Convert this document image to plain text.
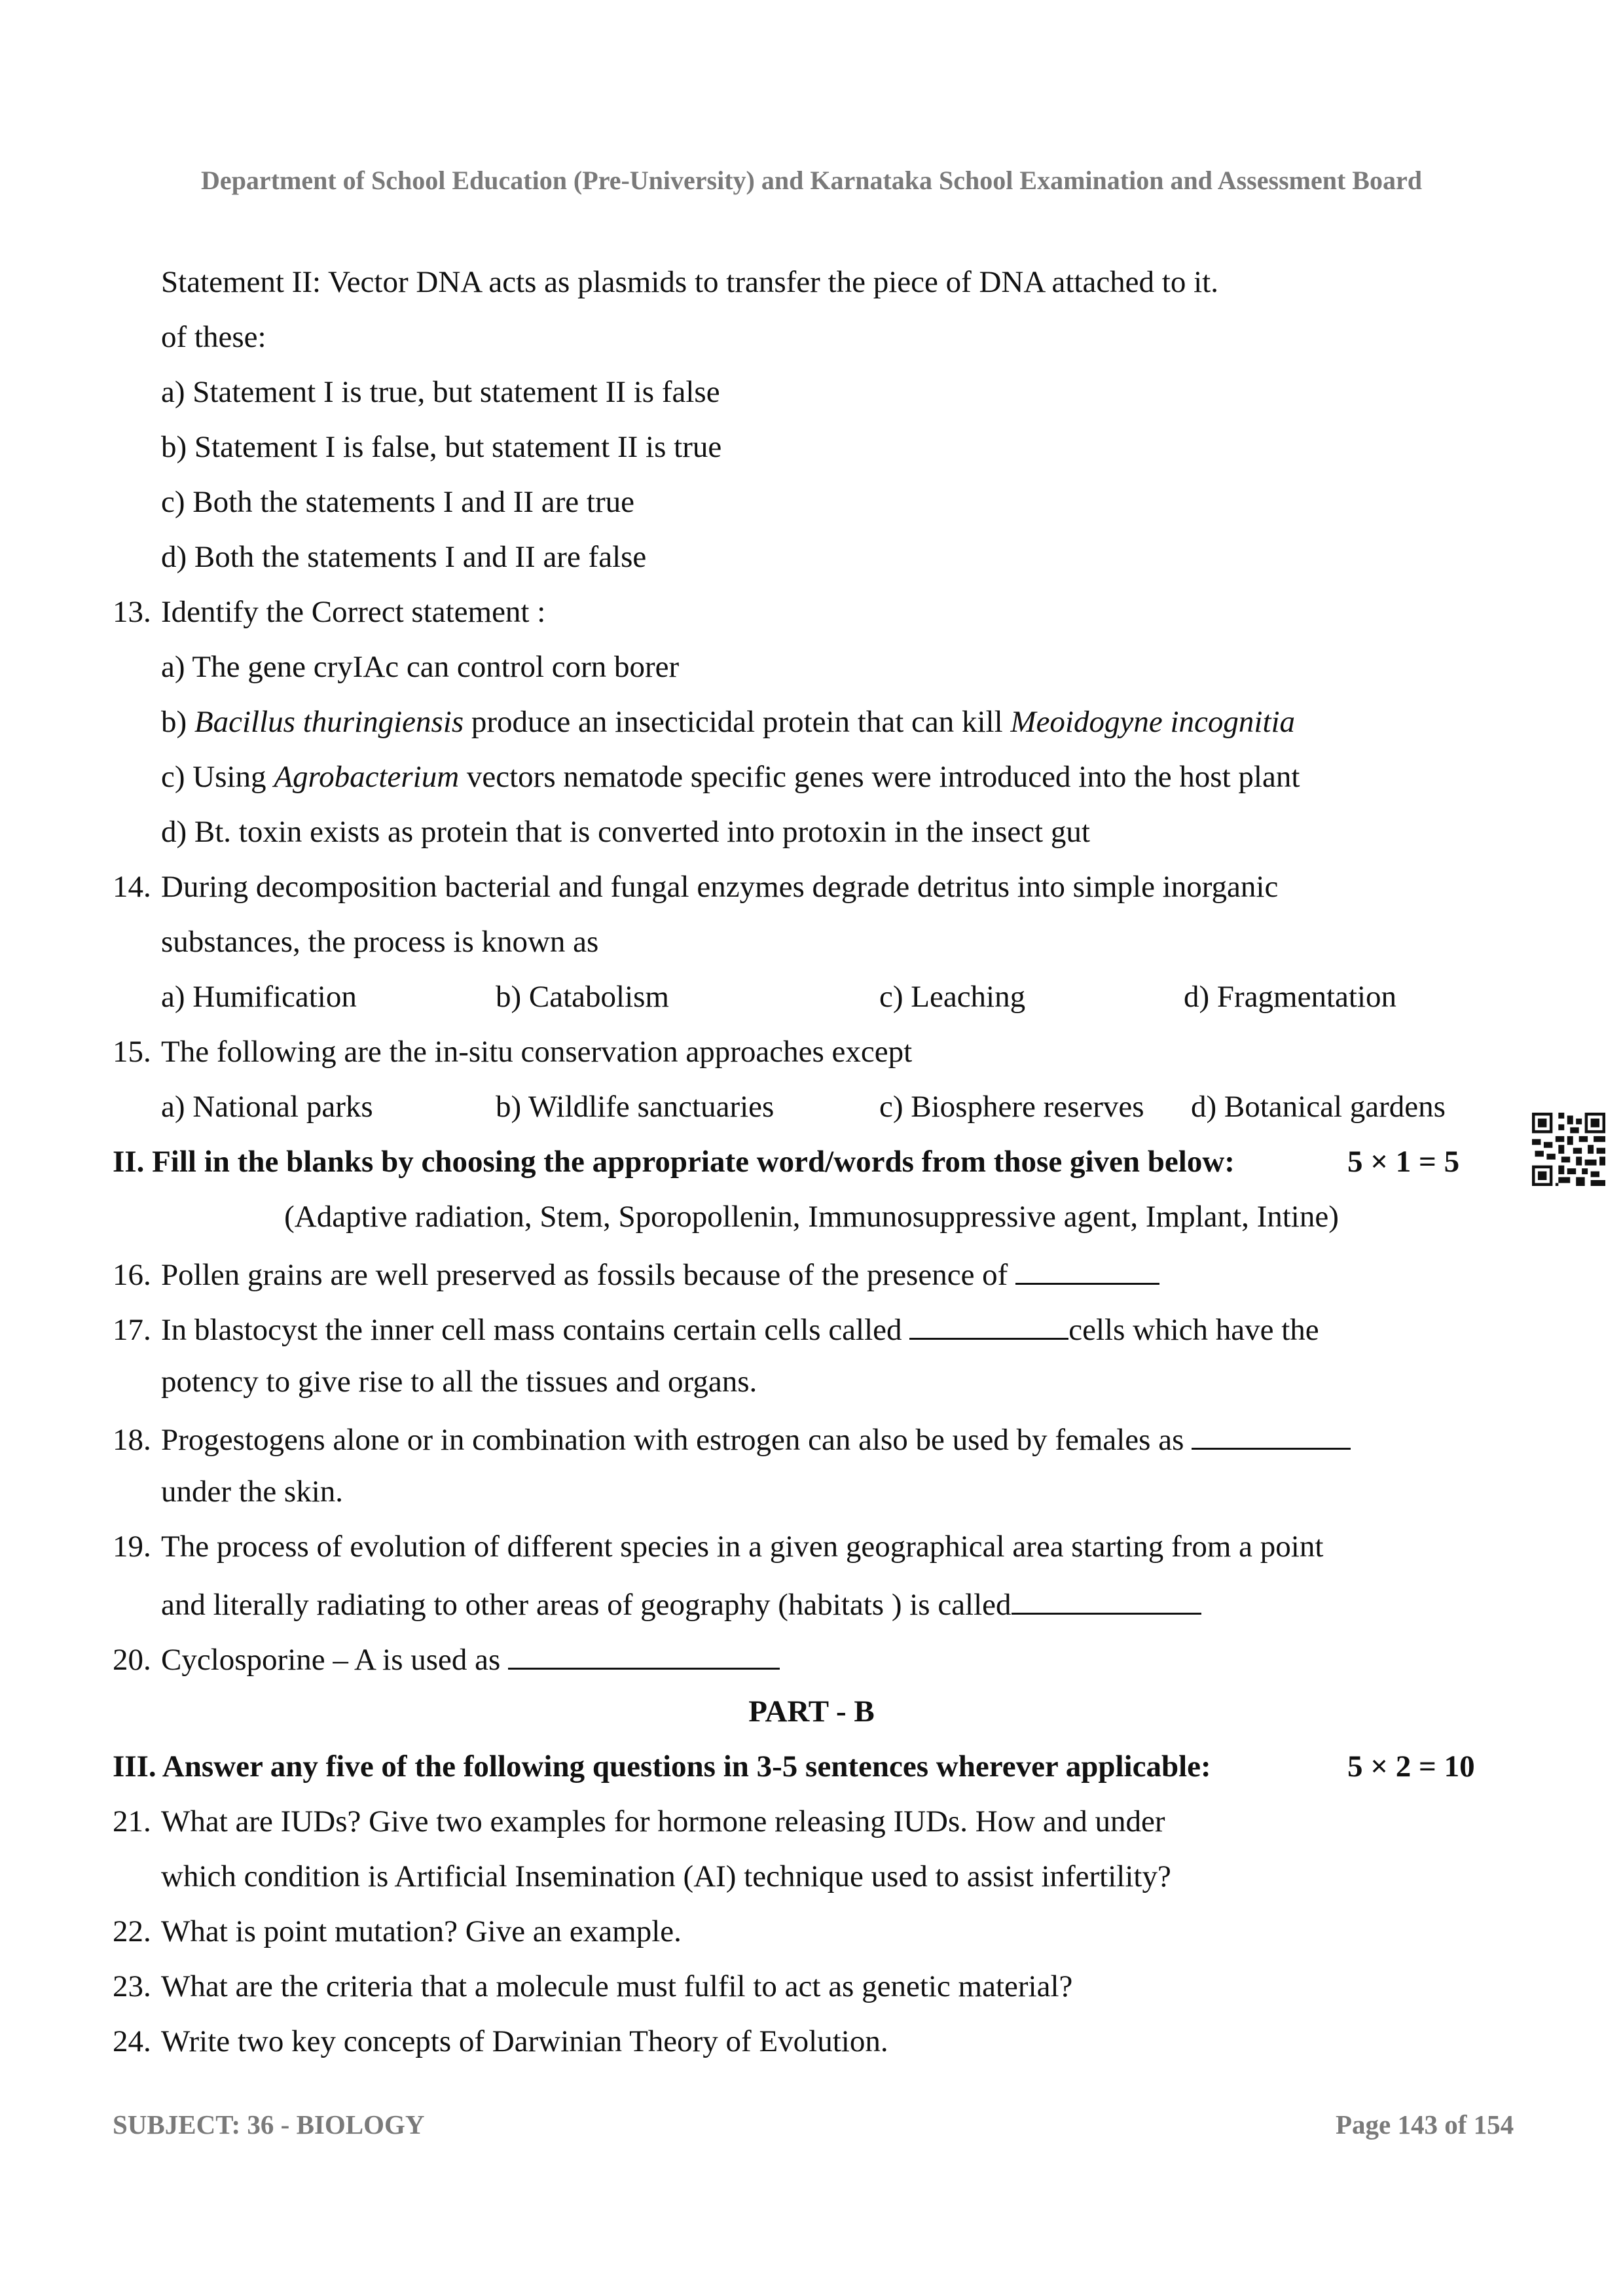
Department of School Education (Pre-University) and Karnataka School Examination and Assessment Board
Statement II: Vector DNA acts as plasmids to transfer the piece of DNA attached to it.
of these:
a) Statement I is true, but statement II is false
b) Statement I is false, but statement II is true
c) Both the statements I and II are true
d) Both the statements I and II are false
13. Identify the Correct statement :
a) The gene cryIAc can control corn borer
b) Bacillus thuringiensis produce an insecticidal protein that can kill Meoidogyne incognitia
c) Using Agrobacterium vectors nematode specific genes were introduced into the host plant
d) Bt. toxin exists as protein that is converted into protoxin in the insect gut
14. During decomposition bacterial and fungal enzymes degrade detritus into simple inorganic
substances, the process is known as
a) Humification	b) Catabolism	c) Leaching	d) Fragmentation
15. The following are the in-situ conservation approaches except
a) National parks	b) Wildlife sanctuaries	c) Biosphere reserves d) Botanical gardens
II. Fill in the blanks by choosing the appropriate word/words from those given below:	5 × 1 = 5
(Adaptive radiation, Stem, Sporopollenin, Immunosuppressive agent, Implant, Intine)
16. Pollen grains are well preserved as fossils because of the presence of
17. In blastocyst the inner cell mass contains certain cells called	cells which have the
potency to give rise to all the tissues and organs.
18. Progestogens alone or in combination with estrogen can also be used by females as
under the skin.
19. The process of evolution of different species in a given geographical area starting from a point
and literally radiating to other areas of geography (habitats ) is called
20. Cyclosporine – A is used as
PART - B
III. Answer any five of the following questions in 3-5 sentences wherever applicable:	5 × 2 = 10
21. What are IUDs? Give two examples for hormone releasing IUDs. How and under
which condition is Artificial Insemination (AI) technique used to assist infertility?
22. What is point mutation? Give an example.
23. What are the criteria that a molecule must fulfil to act as genetic material?
24. Write two key concepts of Darwinian Theory of Evolution.
SUBJECT: 36 - BIOLOGY	Page 143 of 154
